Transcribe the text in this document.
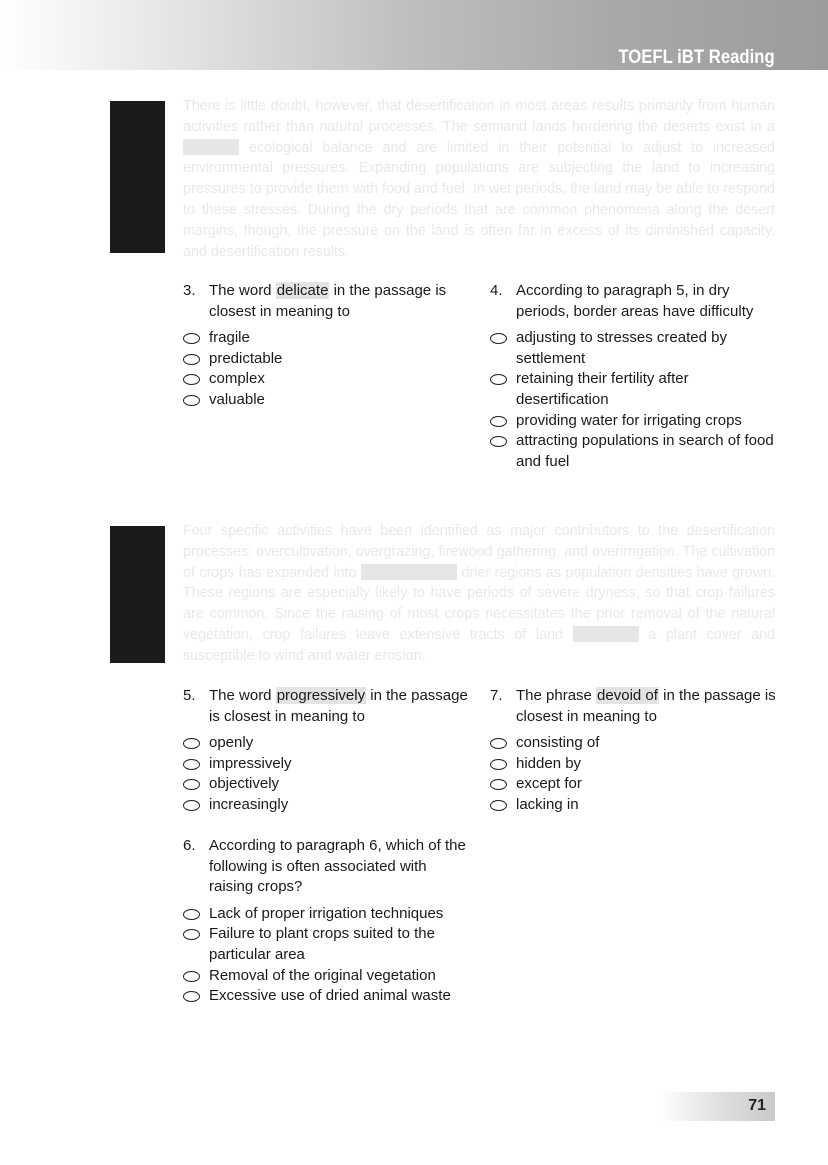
TOEFL iBT Reading
There is little doubt, however, that desertification in most areas results primarily from human activities rather than natural processes. The semiarid lands bordering the deserts exist in a  ecological balance and are limited in their potential to adjust to increased environmental pressures. Expanding populations are subjecting the land to increasing pressures to provide them with food and fuel. In wet periods, the land may be able to respond to these stresses. During the dry periods that are common phenomena along the desert margins, though, the pressure on the land is often far in excess of its diminished capacity, and desertification results.
Four specific activities have been identified as major contributors to the desertification processes: overcultivation, overgrazing, firewood gathering, and overirrigation. The cultivation of crops has expanded into	drier regions as population densities have grown. These regions are especially likely to have periods of severe dryness, so that crop failures are common. Since the raising of most crops necessitates the prior removal of the natural vegetation, crop failures leave extensive tracts of land	a plant cover and susceptible to wind and water erosion.
3. The word delicate in the passage is closest in meaning to
fragile
predictable
complex
valuable
4. According to paragraph 5, in dry periods, border areas have difficulty
adjusting to stresses created by settlement
retaining their fertility after desertification
providing water for irrigating crops
attracting populations in search of food and fuel
5. The word progressively in the passage is closest in meaning to
openly
impressively
objectively
increasingly
7. The phrase devoid of in the passage is closest in meaning to
consisting of
hidden by
except for
lacking in
6. According to paragraph 6, which of the following is often associated with raising crops?
Lack of proper irrigation techniques
Failure to plant crops suited to the particular area
Removal of the original vegetation
Excessive use of dried animal waste
71
